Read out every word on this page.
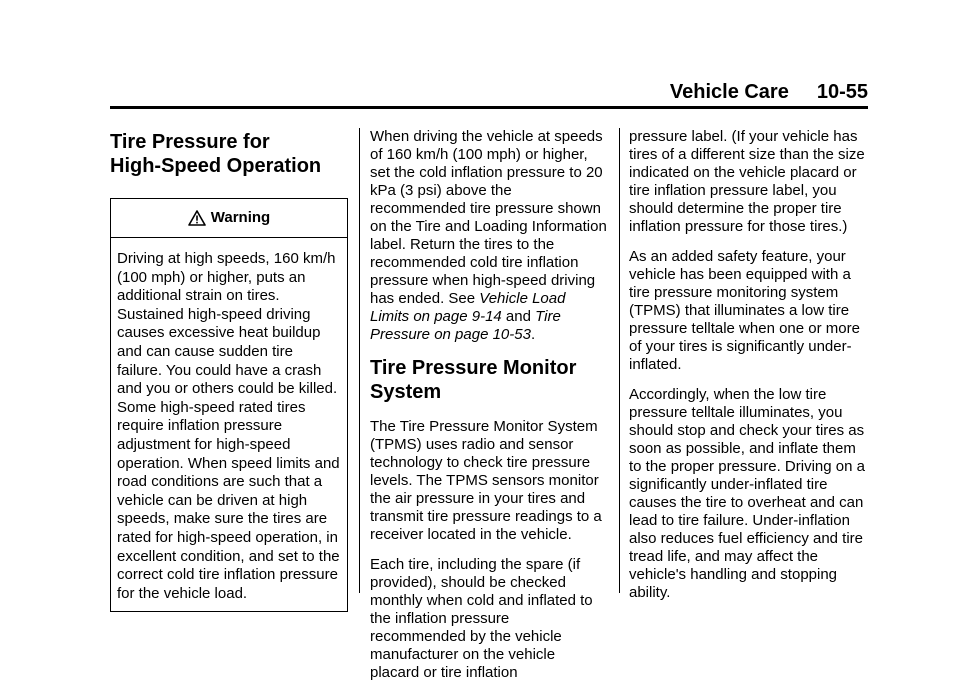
Vehicle Care 10-55
Tire Pressure for
High-Speed Operation
Warning
Driving at high speeds, 160 km/h (100 mph) or higher, puts an additional strain on tires. Sustained high-speed driving causes excessive heat buildup and can cause sudden tire failure. You could have a crash and you or others could be killed. Some high-speed rated tires require inflation pressure adjustment for high-speed operation. When speed limits and road conditions are such that a vehicle can be driven at high speeds, make sure the tires are rated for high-speed operation, in excellent condition, and set to the correct cold tire inflation pressure for the vehicle load.

When driving the vehicle at speeds of 160 km/h (100 mph) or higher, set the cold inflation pressure to 20 kPa (3 psi) above the recommended tire pressure shown on the Tire and Loading Information label. Return the tires to the recommended cold tire inflation pressure when high-speed driving has ended. See Vehicle Load Limits on page 9-14 and Tire Pressure on page 10-53.

Tire Pressure Monitor
System

The Tire Pressure Monitor System (TPMS) uses radio and sensor technology to check tire pressure levels. The TPMS sensors monitor the air pressure in your tires and transmit tire pressure readings to a receiver located in the vehicle.

Each tire, including the spare (if provided), should be checked monthly when cold and inflated to the inflation pressure recommended by the vehicle manufacturer on the vehicle placard or tire inflation

pressure label. (If your vehicle has tires of a different size than the size indicated on the vehicle placard or tire inflation pressure label, you should determine the proper tire inflation pressure for those tires.)

As an added safety feature, your vehicle has been equipped with a tire pressure monitoring system (TPMS) that illuminates a low tire pressure telltale when one or more of your tires is significantly under-inflated.

Accordingly, when the low tire pressure telltale illuminates, you should stop and check your tires as soon as possible, and inflate them to the proper pressure. Driving on a significantly under-inflated tire causes the tire to overheat and can lead to tire failure. Under-inflation also reduces fuel efficiency and tire tread life, and may affect the vehicle's handling and stopping ability.
